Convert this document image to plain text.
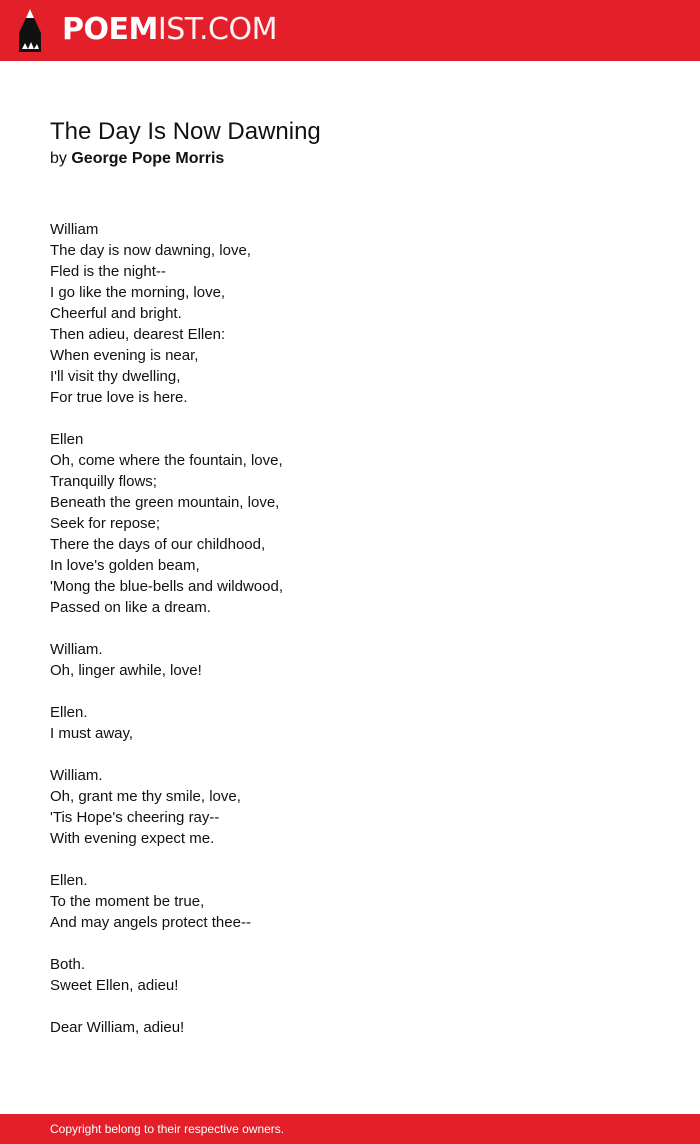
POEMIST.COM
The Day Is Now Dawning
by George Pope Morris
William
The day is now dawning, love,
Fled is the night--
I go like the morning, love,
Cheerful and bright.
Then adieu, dearest Ellen:
When evening is near,
I'll visit thy dwelling,
For true love is here.
Ellen
Oh, come where the fountain, love,
Tranquilly flows;
Beneath the green mountain, love,
Seek for repose;
There the days of our childhood,
In love's golden beam,
'Mong the blue-bells and wildwood,
Passed on like a dream.
William.
Oh, linger awhile, love!
Ellen.
I must away,
William.
Oh, grant me thy smile, love,
'Tis Hope's cheering ray--
With evening expect me.
Ellen.
To the moment be true,
And may angels protect thee--
Both.
Sweet Ellen, adieu!
Dear William, adieu!
Copyright belong to their respective owners.
